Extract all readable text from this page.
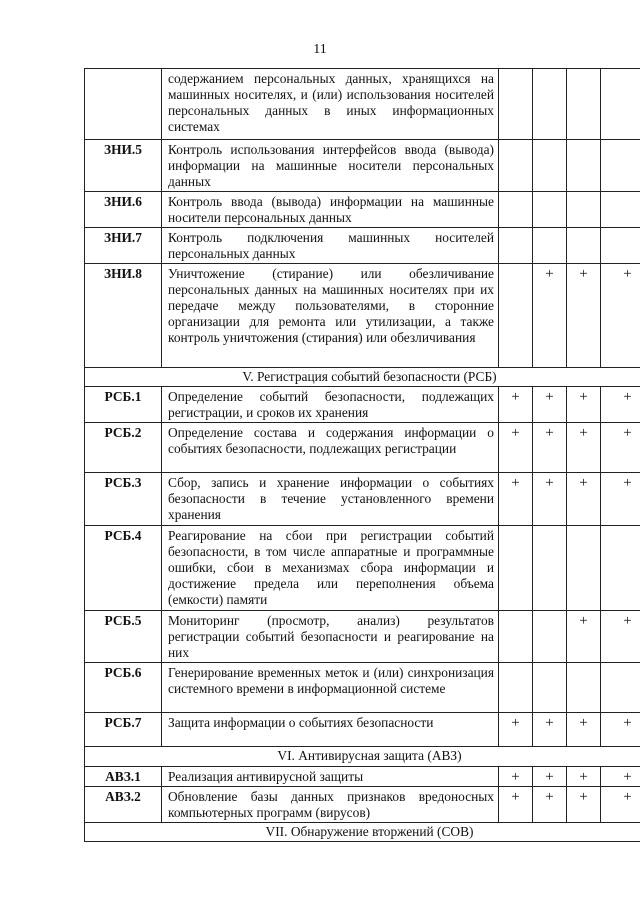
11
	содержанием персональных данных, хранящихся на машинных носителях, и (или) использования носителей персональных данных в иных информационных системах				
ЗНИ.5	Контроль использования интерфейсов ввода (вывода) информации на машинные носители персональных данных				
ЗНИ.6	Контроль ввода (вывода) информации на машинные носители персональных данных				
ЗНИ.7	Контроль подключения машинных носителей персональных данных				
ЗНИ.8	Уничтожение (стирание) или обезличивание персональных данных на машинных носителях при их передаче между пользователями, в сторонние организации для ремонта или утилизации, а также контроль уничтожения (стирания) или обезличивания		+	+	+
V. Регистрация событий безопасности (РСБ)					
РСБ.1	Определение событий безопасности, подлежащих регистрации, и сроков их хранения	+	+	+	+
РСБ.2	Определение состава и содержания информации о событиях безопасности, подлежащих регистрации	+	+	+	+
РСБ.3	Сбор, запись и хранение информации о событиях безопасности в течение установленного времени хранения	+	+	+	+
РСБ.4	Реагирование на сбои при регистрации событий безопасности, в том числе аппаратные и программные ошибки, сбои в механизмах сбора информации и достижение предела или переполнения объема (емкости) памяти				
РСБ.5	Мониторинг (просмотр, анализ) результатов регистрации событий безопасности и реагирование на них			+	+
РСБ.6	Генерирование временных меток и (или) синхронизация системного времени в информационной системе				
РСБ.7	Защита информации о событиях безопасности	+	+	+	+
VI. Антивирусная защита (АВЗ)					
АВЗ.1	Реализация антивирусной защиты	+	+	+	+
АВЗ.2	Обновление базы данных признаков вредоносных компьютерных программ (вирусов)	+	+	+	+
VII. Обнаружение вторжений (СОВ)					
